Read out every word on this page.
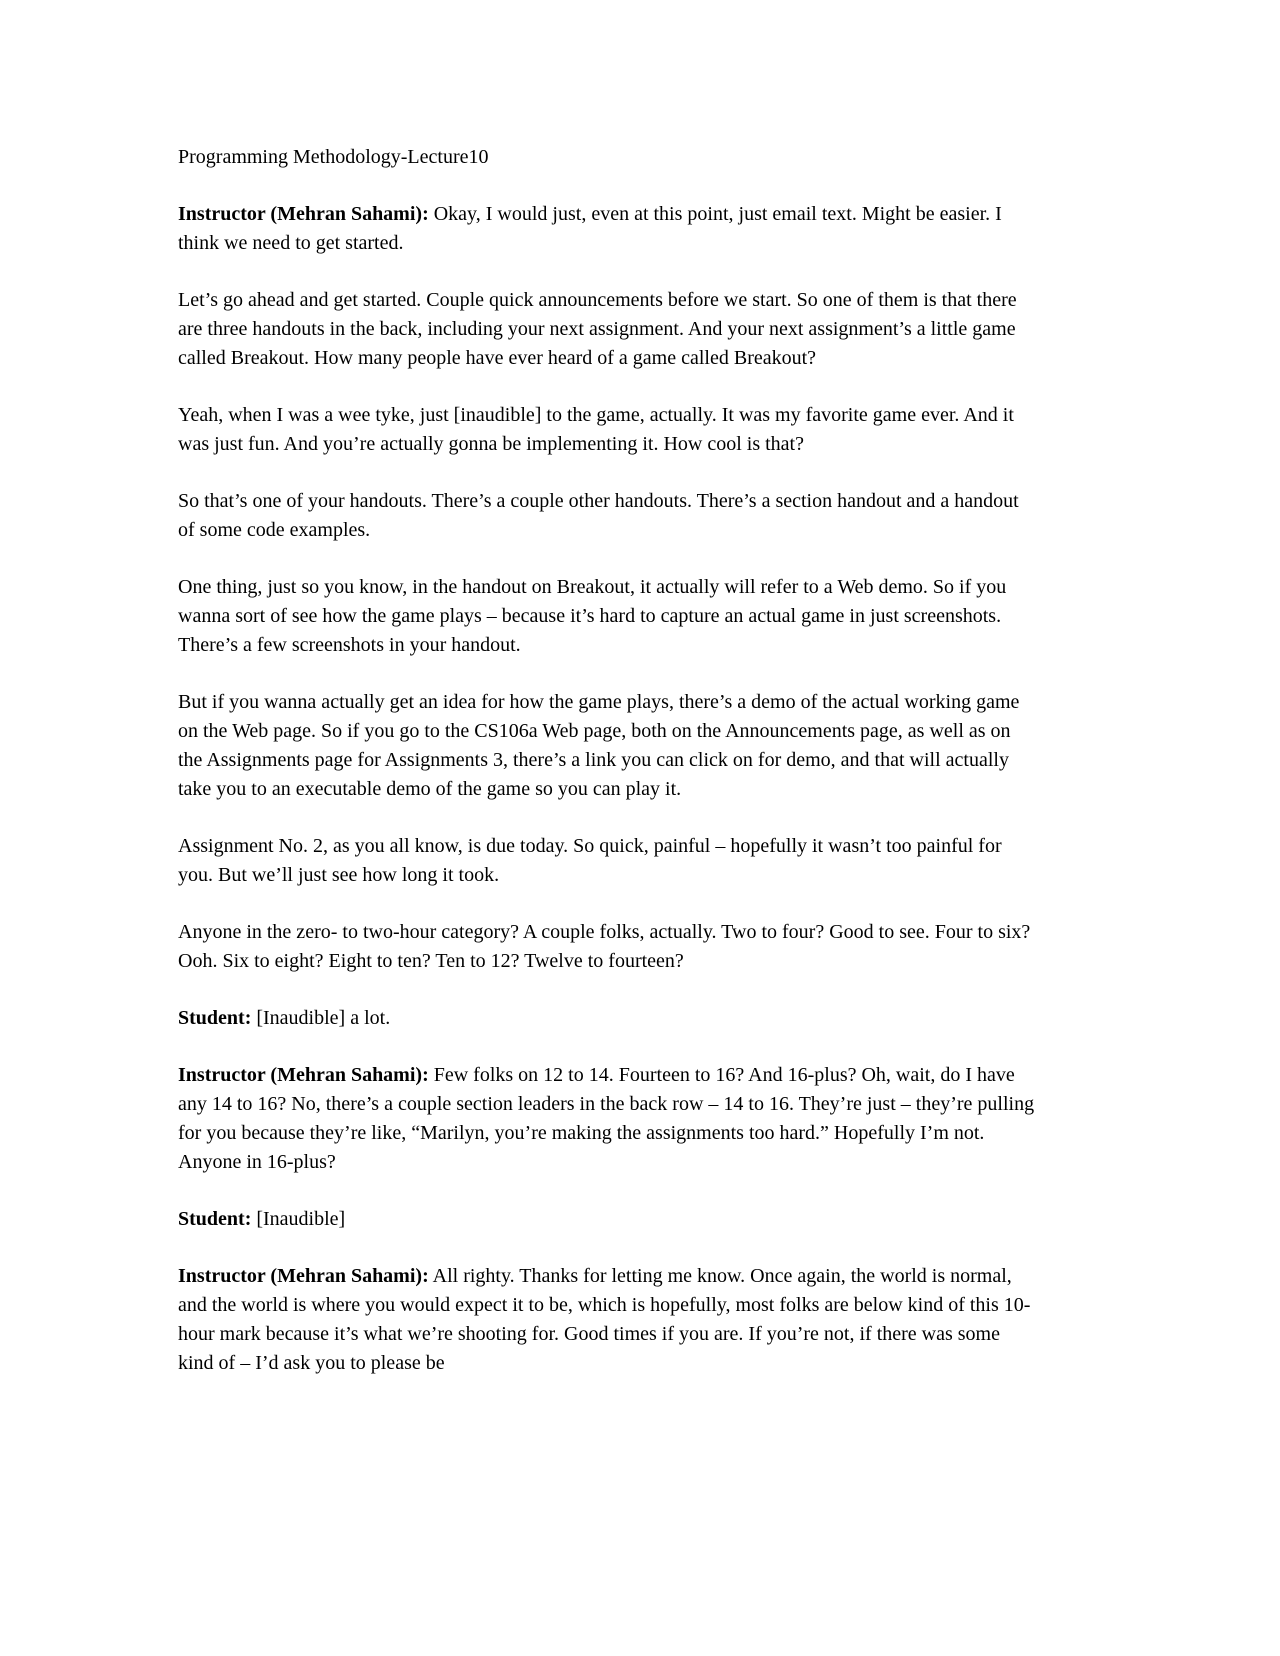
Programming Methodology-Lecture10

Instructor (Mehran Sahami): Okay, I would just, even at this point, just email text. Might be easier. I think we need to get started.

Let’s go ahead and get started. Couple quick announcements before we start. So one of them is that there are three handouts in the back, including your next assignment. And your next assignment’s a little game called Breakout. How many people have ever heard of a game called Breakout?

Yeah, when I was a wee tyke, just [inaudible] to the game, actually. It was my favorite game ever. And it was just fun. And you’re actually gonna be implementing it. How cool is that?

So that’s one of your handouts. There’s a couple other handouts. There’s a section handout and a handout of some code examples.

One thing, just so you know, in the handout on Breakout, it actually will refer to a Web demo. So if you wanna sort of see how the game plays – because it’s hard to capture an actual game in just screenshots. There’s a few screenshots in your handout.

But if you wanna actually get an idea for how the game plays, there’s a demo of the actual working game on the Web page. So if you go to the CS106a Web page, both on the Announcements page, as well as on the Assignments page for Assignments 3, there’s a link you can click on for demo, and that will actually take you to an executable demo of the game so you can play it.

Assignment No. 2, as you all know, is due today. So quick, painful – hopefully it wasn’t too painful for you. But we’ll just see how long it took.

Anyone in the zero- to two-hour category? A couple folks, actually. Two to four? Good to see. Four to six? Ooh. Six to eight? Eight to ten? Ten to 12? Twelve to fourteen?

Student: [Inaudible] a lot.

Instructor (Mehran Sahami): Few folks on 12 to 14. Fourteen to 16? And 16-plus? Oh, wait, do I have any 14 to 16? No, there’s a couple section leaders in the back row – 14 to 16. They’re just – they’re pulling for you because they’re like, “Marilyn, you’re making the assignments too hard.” Hopefully I’m not. Anyone in 16-plus?

Student: [Inaudible]

Instructor (Mehran Sahami): All righty. Thanks for letting me know. Once again, the world is normal, and the world is where you would expect it to be, which is hopefully, most folks are below kind of this 10-hour mark because it’s what we’re shooting for. Good times if you are. If you’re not, if there was some kind of – I’d ask you to please be
